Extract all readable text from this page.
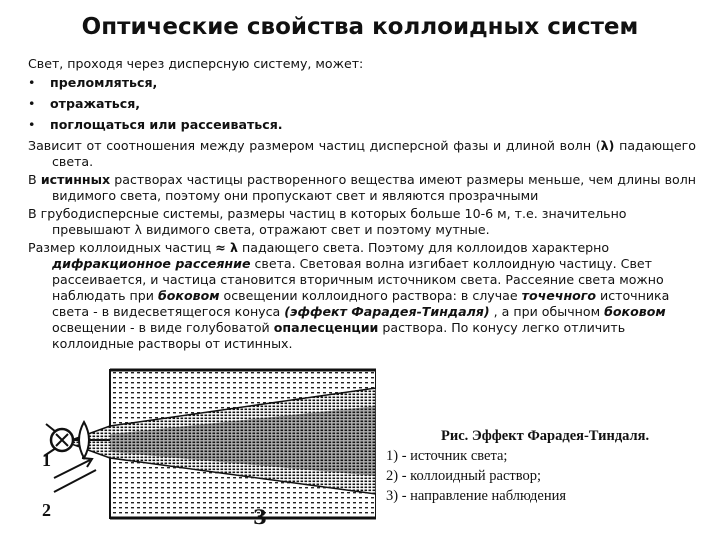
Оптические свойства коллоидных систем

Свет, проходя через дисперсную систему, может:

•	преломляться,
•	отражаться,
•	поглощаться или рассеиваться.

Зависит от соотношения между размером частиц дисперсной фазы и длиной волн (λ) падающего света.

В истинных растворах частицы растворенного вещества имеют размеры меньше, чем длины волн видимого света, поэтому они пропускают свет и являются прозрачными

В грубодисперсные системы, размеры частиц в которых больше 10-6 м, т.е. значительно превышают λ видимого света, отражают свет и поэтому мутные.

Размер коллоидных частиц ≈ λ падающего света. Поэтому для коллоидов характерно дифракционное рассеяние света. Световая волна изгибает коллоидную частицу. Свет рассеивается, и частица становится вторичным источником света. Рассеяние света можно наблюдать при боковом освещении коллоидного раствора: в случае точечного источника света - в видесветящегося конуса (эффект Фарадея-Тиндаля) , а при обычном боковом освещении - в виде голубоватой опалесценции раствора. По конусу легко отличить коллоидные растворы от истинных.

1
2	3
Рис. Эффект Фарадея-Тиндаля.
1) - источник света;
2) - коллоидный раствор;
3) - направление наблюдения
